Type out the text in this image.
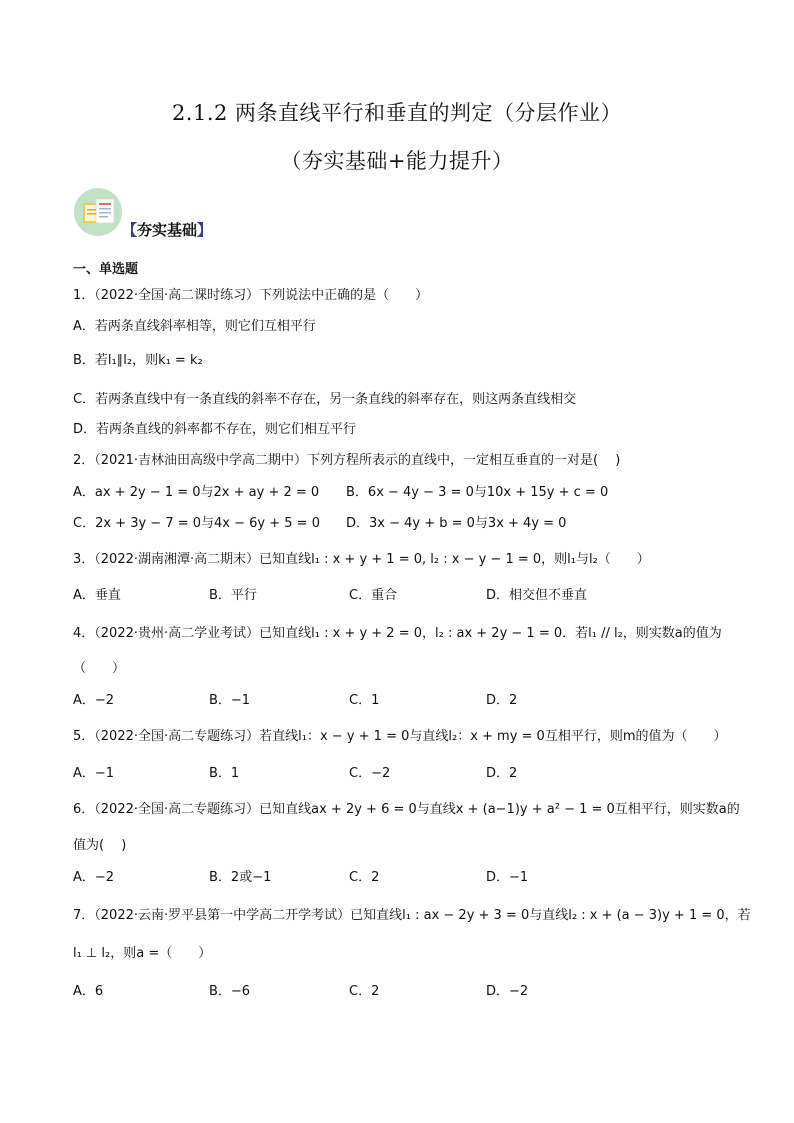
2.1.2 两条直线平行和垂直的判定（分层作业）
（夯实基础+能力提升）
【夯实基础】
一、单选题
1．（2022·全国·高二课时练习）下列说法中正确的是（　　）
A．若两条直线斜率相等，则它们互相平行
B．若l₁∥l₂，则k₁ = k₂
C．若两条直线中有一条直线的斜率不存在，另一条直线的斜率存在，则这两条直线相交
D．若两条直线的斜率都不存在，则它们相互平行
2．（2021·吉林油田高级中学高二期中）下列方程所表示的直线中，一定相互垂直的一对是(　 )
A．ax + 2y − 1 = 0与2x + ay + 2 = 0 B．6x − 4y − 3 = 0与10x + 15y + c = 0
C．2x + 3y − 7 = 0与4x − 6y + 5 = 0 D．3x − 4y + b = 0与3x + 4y = 0
3．（2022·湖南湘潭·高二期末）已知直线l₁ : x + y + 1 = 0, l₂ : x − y − 1 = 0，则l₁与l₂（　　）
A．垂直	B．平行	C．重合	D．相交但不垂直
4．（2022·贵州·高二学业考试）已知直线l₁ : x + y + 2 = 0，l₂ : ax + 2y − 1 = 0．若l₁ // l₂，则实数a的值为
（　　）
A．−2	B．−1	C．1	D．2
5．（2022·全国·高二专题练习）若直线l₁：x − y + 1 = 0与直线l₂：x + my = 0互相平行，则m的值为（　　）
A．−1	B．1	C．−2	D．2
6．（2022·全国·高二专题练习）已知直线ax + 2y + 6 = 0与直线x + (a−1)y + a² − 1 = 0互相平行，则实数a的
值为(　 )
A．−2	B．2或−1	C．2	D．−1
7．（2022·云南·罗平县第一中学高二开学考试）已知直线l₁ : ax − 2y + 3 = 0与直线l₂ : x + (a − 3)y + 1 = 0，若
l₁ ⊥ l₂，则a =（　　）
A．6	B．−6	C．2	D．−2
